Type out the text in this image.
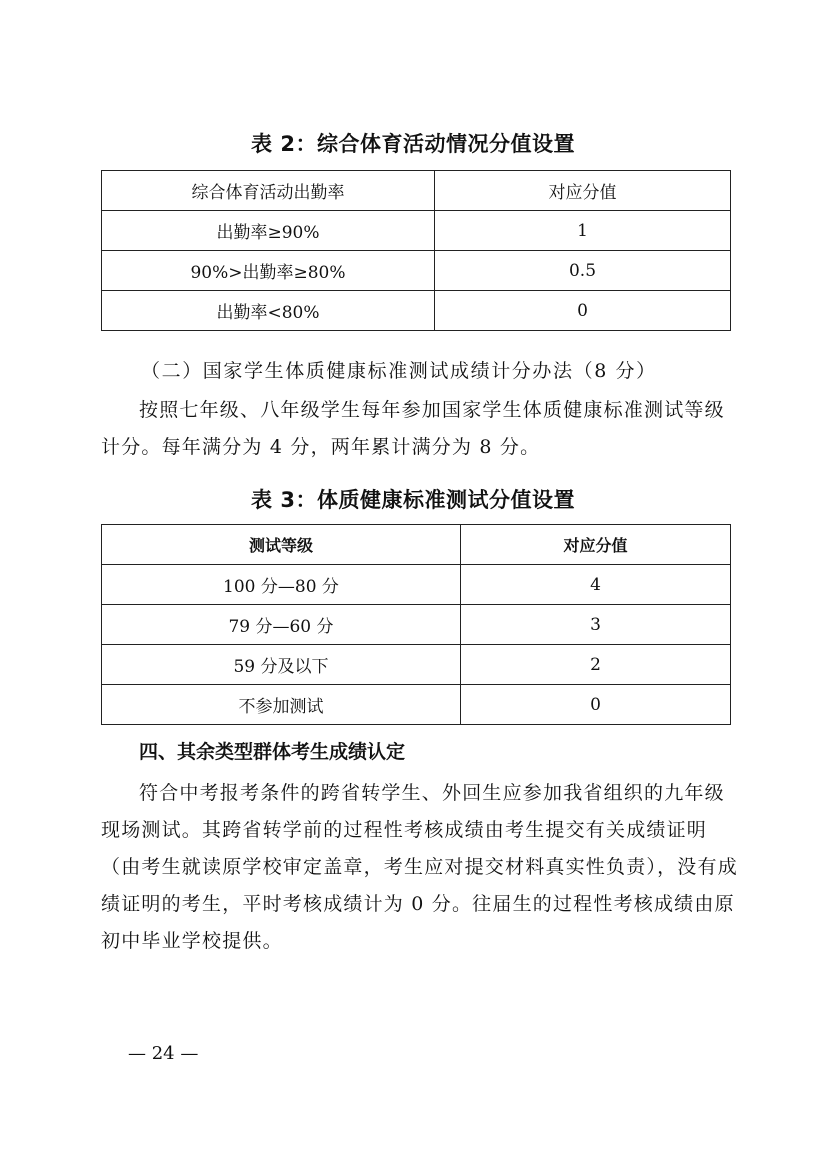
表 2：综合体育活动情况分值设置
综合体育活动出勤率	对应分值
出勤率≥90%	1
90%>出勤率≥80%	0.5
出勤率<80%	0
（二）国家学生体质健康标准测试成绩计分办法（8 分）
按照七年级、八年级学生每年参加国家学生体质健康标准测试等级计分。每年满分为 4 分，两年累计满分为 8 分。
表 3：体质健康标准测试分值设置
测试等级	对应分值
100 分—80 分	4
79 分—60 分	3
59 分及以下	2
不参加测试	0
四、其余类型群体考生成绩认定
符合中考报考条件的跨省转学生、外回生应参加我省组织的九年级现场测试。其跨省转学前的过程性考核成绩由考生提交有关成绩证明（由考生就读原学校审定盖章，考生应对提交材料真实性负责），没有成绩证明的考生，平时考核成绩计为 0 分。往届生的过程性考核成绩由原初中毕业学校提供。
— 24 —
